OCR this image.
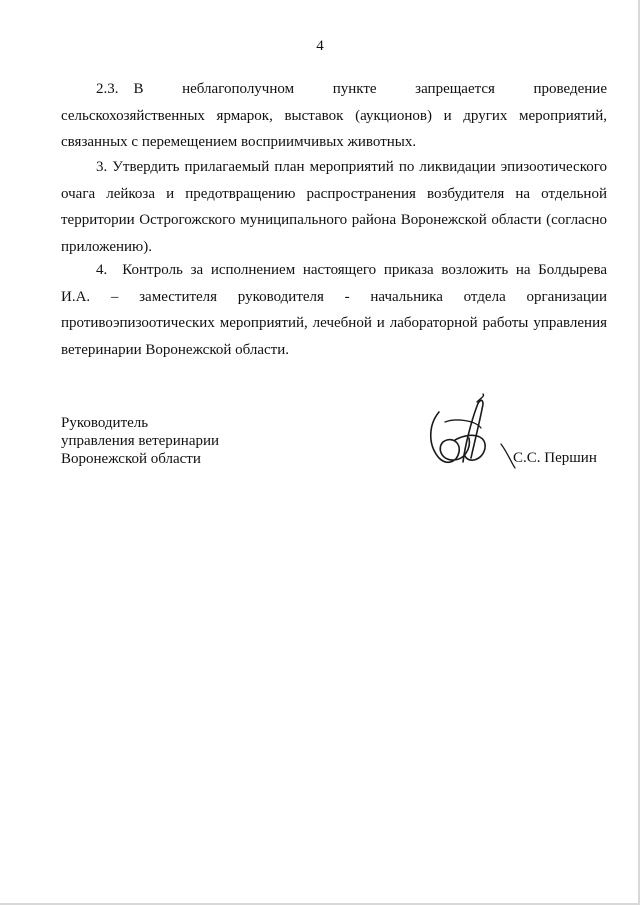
4

2.3. В неблагополучном пункте запрещается проведение сельскохозяйственных ярмарок, выставок (аукционов) и других мероприятий, связанных с перемещением восприимчивых животных.

3. Утвердить прилагаемый план мероприятий по ликвидации эпизоотического очага лейкоза и предотвращению распространения возбудителя на отдельной территории Острогожского муниципального района Воронежской области (согласно приложению).

4. Контроль за исполнением настоящего приказа возложить на Болдырева И.А. – заместителя руководителя - начальника отдела организации противоэпизоотических мероприятий, лечебной и лабораторной работы управления ветеринарии Воронежской области.

Руководитель
управления ветеринарии
Воронежской области	С.С. Першин
